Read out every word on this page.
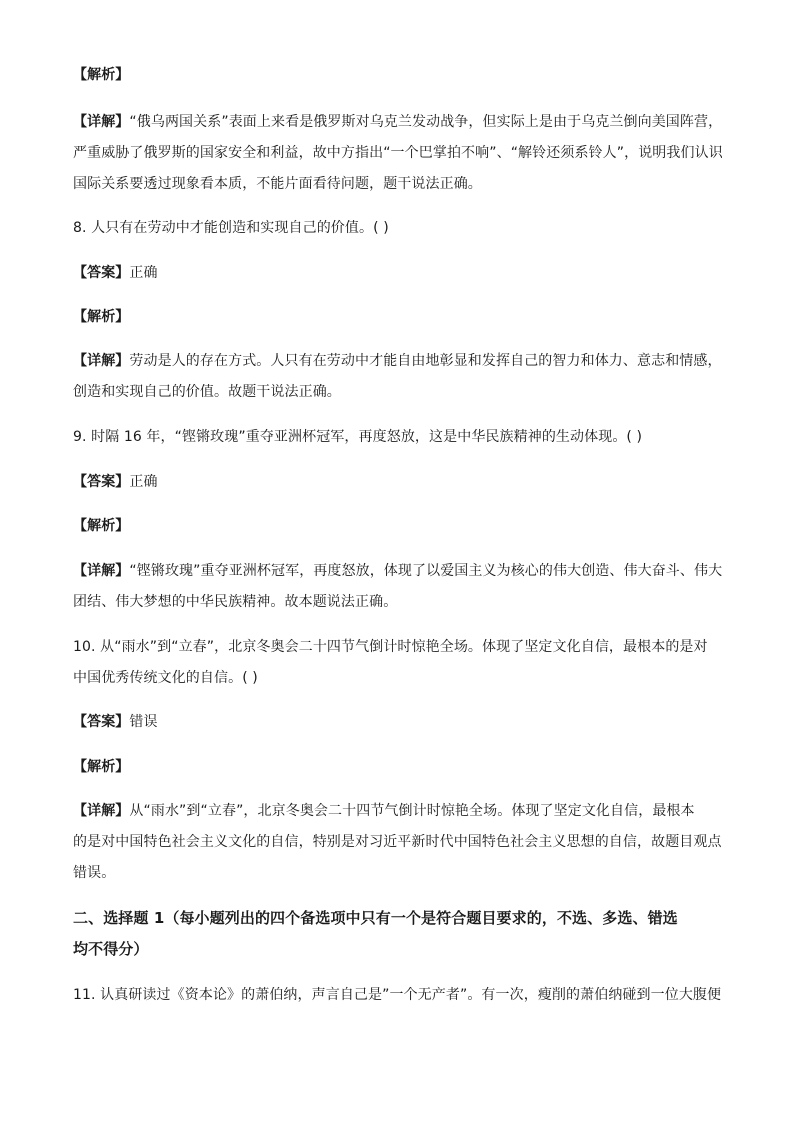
【解析】
【详解】“俄乌两国关系”表面上来看是俄罗斯对乌克兰发动战争，但实际上是由于乌克兰倒向美国阵营，
严重威胁了俄罗斯的国家安全和利益，故中方指出“一个巴掌拍不响”、“解铃还须系铃人”，说明我们认识
国际关系要透过现象看本质，不能片面看待问题，题干说法正确。
8. 人只有在劳动中才能创造和实现自己的价值。( )
【答案】正确
【解析】
【详解】劳动是人的存在方式。人只有在劳动中才能自由地彰显和发挥自己的智力和体力、意志和情感，
创造和实现自己的价值。故题干说法正确。
9. 时隔 16 年，“铿锵玫瑰”重夺亚洲杯冠军，再度怒放，这是中华民族精神的生动体现。( )
【答案】正确
【解析】
【详解】“铿锵玫瑰”重夺亚洲杯冠军，再度怒放，体现了以爱国主义为核心的伟大创造、伟大奋斗、伟大
团结、伟大梦想的中华民族精神。故本题说法正确。
10. 从“雨水”到“立春”，北京冬奥会二十四节气倒计时惊艳全场。体现了坚定文化自信，最根本的是对
中国优秀传统文化的自信。( )
【答案】错误
【解析】
【详解】从“雨水”到“立春”，北京冬奥会二十四节气倒计时惊艳全场。体现了坚定文化自信，最根本
的是对中国特色社会主义文化的自信，特别是对习近平新时代中国特色社会主义思想的自信，故题目观点
错误。
二、选择题 1（每小题列出的四个备选项中只有一个是符合题目要求的，不选、多选、错选
均不得分）
11. 认真研读过《资本论》的萧伯纳，声言自己是”一个无产者”。有一次，瘦削的萧伯纳碰到一位大腹便
